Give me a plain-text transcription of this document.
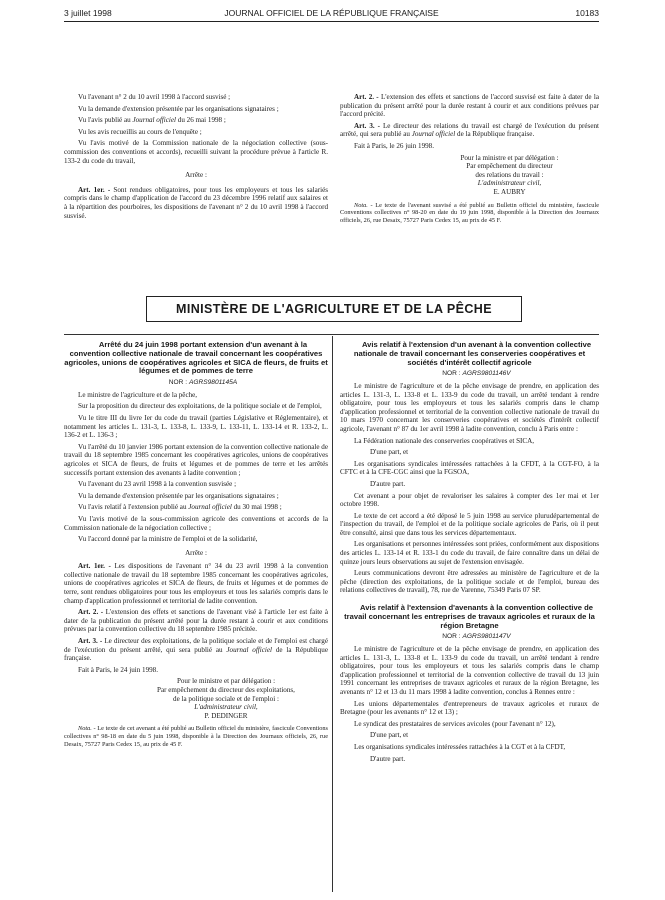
3 juillet 1998	JOURNAL OFFICIEL DE LA RÉPUBLIQUE FRANÇAISE	10183

Vu l'avenant n° 2 du 10 avril 1998 à l'accord susvisé ;

Vu la demande d'extension présentée par les organisations signataires ;

Vu l'avis publié au Journal officiel du 26 mai 1998 ;

Vu les avis recueillis au cours de l'enquête ;

Vu l'avis motivé de la Commission nationale de la négociation collective (sous-commission des conventions et accords), recueilli suivant la procédure prévue à l'article R. 133-2 du code du travail,

Arrête :

Art. 1er. - Sont rendues obligatoires, pour tous les employeurs et tous les salariés compris dans le champ d'application de l'accord du 23 décembre 1996 relatif aux salaires et à la répartition des pourboires, les dispositions de l'avenant n° 2 du 10 avril 1998 à l'accord susvisé.

Art. 2. - L'extension des effets et sanctions de l'accord susvisé est faite à dater de la publication du présent arrêté pour la durée restant à courir et aux conditions prévues par l'accord précité.

Art. 3. - Le directeur des relations du travail est chargé de l'exécution du présent arrêté, qui sera publié au Journal officiel de la République française.

Fait à Paris, le 26 juin 1998.

Pour la ministre et par délégation :

Par empêchement du directeur

des relations du travail :

L'administrateur civil,

E. AUBRY

Nota. - Le texte de l'avenant susvisé a été publié au Bulletin officiel du ministère, fascicule Conventions collectives n° 98-20 en date du 19 juin 1998, disponible à la Direction des Journaux officiels, 26, rue Desaix, 75727 Paris Cedex 15, au prix de 45 F.

MINISTÈRE DE L'AGRICULTURE ET DE LA PÊCHE

Arrêté du 24 juin 1998 portant extension d'un avenant à la convention collective nationale de travail concernant les coopératives agricoles, unions de coopératives agricoles et SICA de fleurs, de fruits et légumes et de pommes de terre

NOR : AGRS9801145A

Le ministre de l'agriculture et de la pêche,

Sur la proposition du directeur des exploitations, de la politique sociale et de l'emploi,

Vu le titre III du livre Ier du code du travail (parties Législative et Réglementaire), et notamment les articles L. 131-3, L. 133-8, L. 133-9, L. 133-11, L. 133-14 et R. 133-2, L. 136-2 et L. 136-3 ;

Vu l'arrêté du 10 janvier 1986 portant extension de la convention collective nationale de travail du 18 septembre 1985 concernant les coopératives agricoles, unions de coopératives agricoles et SICA de fleurs, de fruits et légumes et de pommes de terre et les arrêtés successifs portant extension des avenants à ladite convention ;

Vu l'avenant du 23 avril 1998 à la convention susvisée ;

Vu la demande d'extension présentée par les organisations signataires ;

Vu l'avis relatif à l'extension publié au Journal officiel du 30 mai 1998 ;

Vu l'avis motivé de la sous-commission agricole des conventions et accords de la Commission nationale de la négociation collective ;

Vu l'accord donné par la ministre de l'emploi et de la solidarité,

Arrête :

Art. 1er. - Les dispositions de l'avenant n° 34 du 23 avril 1998 à la convention collective nationale de travail du 18 septembre 1985 concernant les coopératives agricoles, unions de coopératives agricoles et SICA de fleurs, de fruits et légumes et de pommes de terre, sont rendues obligatoires pour tous les employeurs et tous les salariés compris dans le champ d'application professionnel et territorial de ladite convention.

Art. 2. - L'extension des effets et sanctions de l'avenant visé à l'article 1er est faite à dater de la publication du présent arrêté pour la durée restant à courir et aux conditions prévues par la convention collective du 18 septembre 1985 précitée.

Art. 3. - Le directeur des exploitations, de la politique sociale et de l'emploi est chargé de l'exécution du présent arrêté, qui sera publié au Journal officiel de la République française.

Fait à Paris, le 24 juin 1998.

Pour le ministre et par délégation :

Par empêchement du directeur des exploitations,

de la politique sociale et de l'emploi :

L'administrateur civil,

P. DEDINGER

Nota. - Le texte de cet avenant a été publié au Bulletin officiel du ministère, fascicule Conventions collectives n° 98-18 en date du 5 juin 1998, disponible à la Direction des Journaux officiels, 26, rue Desaix, 75727 Paris Cedex 15, au prix de 45 F.

Avis relatif à l'extension d'un avenant à la convention collective nationale de travail concernant les conserveries coopératives et sociétés d'intérêt collectif agricole

NOR : AGRS9801146V

Le ministre de l'agriculture et de la pêche envisage de prendre, en application des articles L. 131-3, L. 133-8 et L. 133-9 du code du travail, un arrêté tendant à rendre obligatoire, pour tous les employeurs et tous les salariés compris dans le champ d'application professionnel et territorial de la convention collective nationale de travail du 10 mars 1970 concernant les conserveries coopératives et sociétés d'intérêt collectif agricole, l'avenant n° 87 du 1er avril 1998 à ladite convention, conclu à Paris entre :

La Fédération nationale des conserveries coopératives et SICA,

D'une part, et

Les organisations syndicales intéressées rattachées à la CFDT, à la CGT-FO, à la CFTC et à la CFE-CGC ainsi que la FGSOA,

D'autre part.

Cet avenant a pour objet de revaloriser les salaires à compter des 1er mai et 1er octobre 1998.

Le texte de cet accord a été déposé le 5 juin 1998 au service plurudépartemental de l'inspection du travail, de l'emploi et de la politique sociale agricoles de Paris, où il peut être consulté, ainsi que dans tous les services départementaux.

Les organisations et personnes intéressées sont priées, conformément aux dispositions des articles L. 133-14 et R. 133-1 du code du travail, de faire connaître dans un délai de quinze jours leurs observations au sujet de l'extension envisagée.

Leurs communications devront être adressées au ministère de l'agriculture et de la pêche (direction des exploitations, de la politique sociale et de l'emploi, bureau des relations collectives de travail), 78, rue de Varenne, 75349 Paris 07 SP.

Avis relatif à l'extension d'avenants à la convention collective de travail concernant les entreprises de travaux agricoles et ruraux de la région Bretagne

NOR : AGRS9801147V

Le ministre de l'agriculture et de la pêche envisage de prendre, en application des articles L. 131-3, L. 133-8 et L. 133-9 du code du travail, un arrêté tendant à rendre obligatoires, pour tous les employeurs et tous les salariés compris dans le champ d'application professionnel et territorial de la convention collective de travail du 13 juin 1991 concernant les entreprises de travaux agricoles et ruraux de la région Bretagne, les avenants n° 12 et 13 du 11 mars 1998 à ladite convention, conclus à Rennes entre :

Les unions départementales d'entrepreneurs de travaux agricoles et ruraux de Bretagne (pour les avenants n° 12 et 13) ;

Le syndicat des prestataires de services avicoles (pour l'avenant n° 12),

D'une part, et

Les organisations syndicales intéressées rattachées à la CGT et à la CFDT,

D'autre part.
